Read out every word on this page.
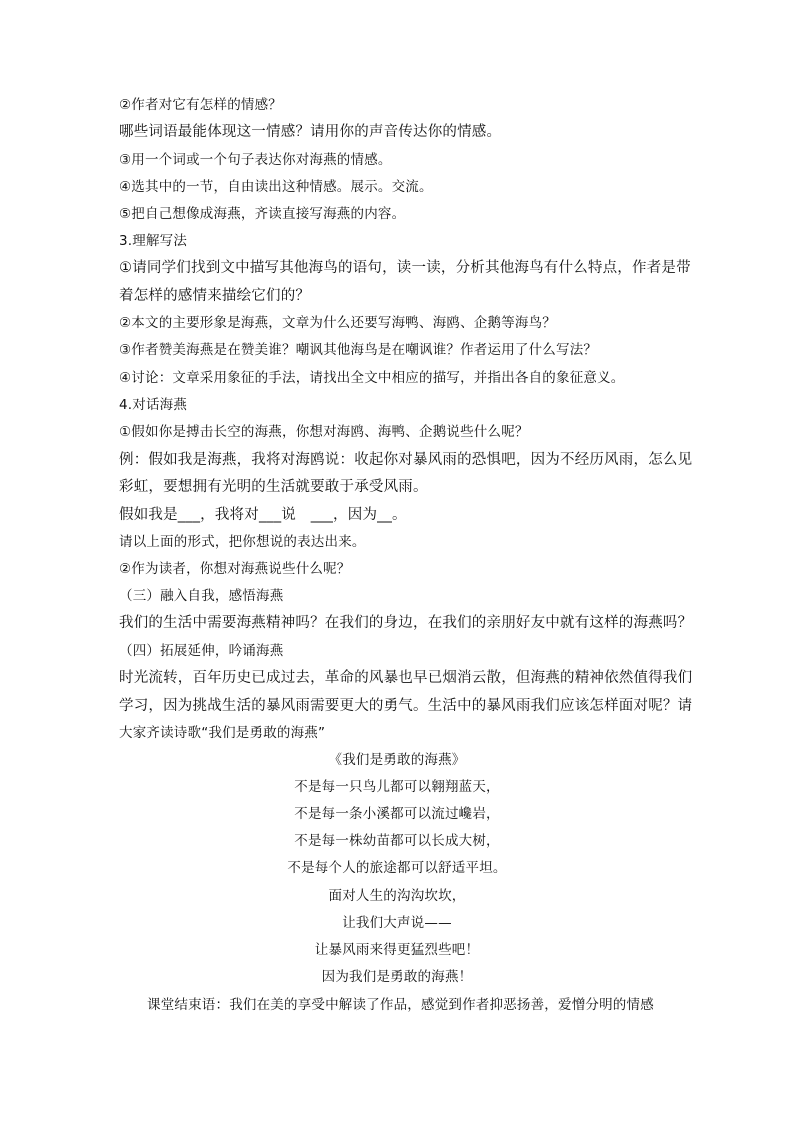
②作者对它有怎样的情感？
哪些词语最能体现这一情感？请用你的声音传达你的情感。
③用一个词或一个句子表达你对海燕的情感。
④选其中的一节，自由读出这种情感。展示。交流。
⑤把自己想像成海燕，齐读直接写海燕的内容。
3.理解写法
①请同学们找到文中描写其他海鸟的语句，读一读，分析其他海鸟有什么特点，作者是带
着怎样的感情来描绘它们的？
②本文的主要形象是海燕，文章为什么还要写海鸭、海鸥、企鹅等海鸟？
③作者赞美海燕是在赞美谁？嘲讽其他海鸟是在嘲讽谁？作者运用了什么写法？
④讨论：文章采用象征的手法，请找出全文中相应的描写，并指出各自的象征意义。
4.对话海燕
①假如你是搏击长空的海燕，你想对海鸥、海鸭、企鹅说些什么呢？
例：假如我是海燕，我将对海鸥说：收起你对暴风雨的恐惧吧，因为不经历风雨，怎么见
彩虹，要想拥有光明的生活就要敢于承受风雨。
假如我是___，我将对___说　___，因为__。
请以上面的形式，把你想说的表达出来。
②作为读者，你想对海燕说些什么呢？
（三）融入自我，感悟海燕
我们的生活中需要海燕精神吗？在我们的身边，在我们的亲朋好友中就有这样的海燕吗？
（四）拓展延伸，吟诵海燕
时光流转，百年历史已成过去，革命的风暴也早已烟消云散，但海燕的精神依然值得我们
学习，因为挑战生活的暴风雨需要更大的勇气。生活中的暴风雨我们应该怎样面对呢？请
大家齐读诗歌“我们是勇敢的海燕”
《我们是勇敢的海燕》
不是每一只鸟儿都可以翱翔蓝天，
不是每一条小溪都可以流过巉岩，
不是每一株幼苗都可以长成大树，
不是每个人的旅途都可以舒适平坦。
面对人生的沟沟坎坎，
让我们大声说——
让暴风雨来得更猛烈些吧！
因为我们是勇敢的海燕！
课堂结束语：我们在美的享受中解读了作品，感觉到作者抑恶扬善，爱憎分明的情感
